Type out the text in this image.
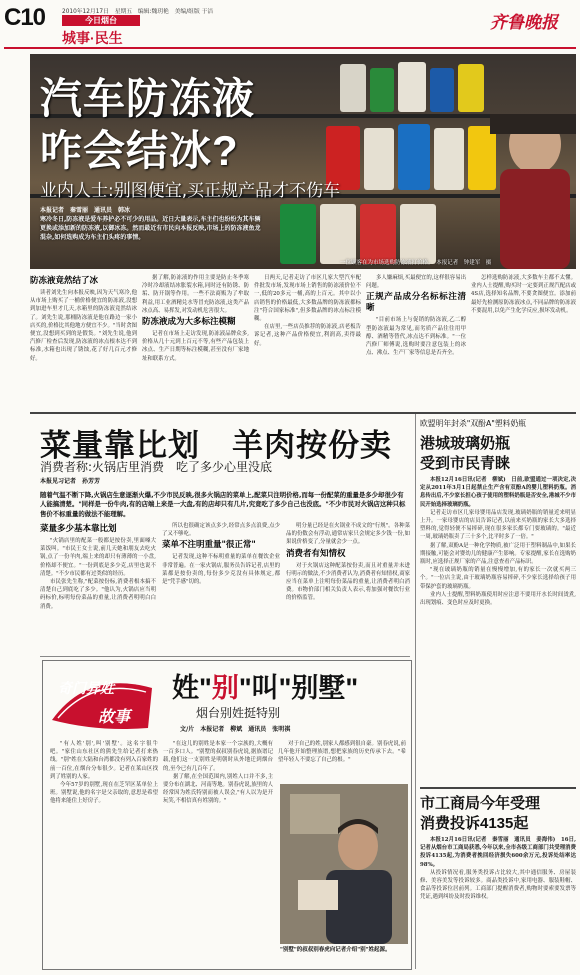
C10	2010年12月17日　星期五　编辑:魏玥艳　美编/组版 于洁
今日烟台
城事·民生
齐鲁晚报
汽车防冻液
咋会结冰?
业内人士:别图便宜,买正规产品才不伤车
本报记者　秦雪丽　通讯员　韩冰
寒冷冬日,防冻液是爱车养护必不可少的用品。近日大量表示,车主们也纷纷为其车辆更换或添加新的防冻液,以御冰冻。然而最近有市民向本报反映,市场上的防冻液鱼龙混杂,如何选购成为车主们头疼的事情。
一位顾客在为市场选购防冻液打价格。　本报记者　钟建军　摄
防冻液竟然结了冰

读者刘先生向本报反映,因为天气寒冷,他从市场上购买了一桶价格便宜的防冻液,没想到加进车里才几天,水箱里的防冻液竟然结冰了。刘先生说,那桶防冻液是他在路边一家小店买的,价格比其他地方便宜不少。"当时贪图便宜,没想到买到的是假货。"刘先生说,他到汽修厂检查后发现,防冻液的冰点根本达不到标准,水箱也出现了锈蚀,花了好几百元才修好。

据了解,防冻液的作用主要是防止冬季寒冷时冷却液结冰胀裂水箱,同时还有防锈、防垢、防开锅等作用。一些不法商贩为了牟取利益,用工业酒精兑水等冒充防冻液,这类产品冰点高、易挥发,对发动机危害很大。

防冻液成为大多标注模糊

记者在市场上走访发现,防冻液品牌众多,价格从几十元到上百元不等,有些产品包装上冰点、生产日期等标注模糊,甚至没有厂家地址和联系方式。

日两天,记者走访了市区几家大型汽车配件批发市场,发现市场上销售的防冻液价位不一,低的20多元一桶,高的上百元。其中以小店销售的价格最低,大多数品牌的防冻液都标注"符合国家标准",但多数品牌的冰点标注模糊。

在店里,一些店员推荐的防冻液,店老板告诉记者,这种产品价格便宜,利润高,卖得最好。

多人嫌麻烦,买最便宜的,这样很容易出问题。

正规产品成分名标标注清晰

"目前市场上与促销的防冻液,乙二醇型防冻液最为常见,而劣质产品往往用甲醇、酒精等替代,冰点达不到标准。"一位汽修厂师傅说,选购时要注意包装上的冰点、沸点、生产厂家等信息是否齐全。

怎样选购防冻液,大多数车主都不太懂。业内人士提醒,购买时一定要到正规汽配店或4S店,选择知名品牌,不要贪图便宜。添加前最好先检测原防冻液冰点,不同品牌的防冻液不要混用,以免产生化学反应,损坏发动机。

菜量靠比划　羊肉按份卖
消费者称:火锅店里消费　吃了多少心里没底
本报见习记者　孙芳芳
随着气温不断下降,火锅店生意逐渐火爆,不少市民反映,很多火锅店的菜单上,配菜只注明价格,而每一份配菜的重量是多少却很少有人能搞清楚。"同样是一份牛肉,有的店端上来是一大盘,有的店却只有几片,究竟吃了多少自己也没底。"不少市民对火锅店这种只标售价不标重量的做法不能理解。
菜量多少基本靠比划

"火锅店里的配菜一般都是按份卖,里面嗓大菜饭叫。"市民王女士说,前几天她和朋友去吃火锅,点了一份羊肉,端上来的却只有薄薄的一小盘,价格却不便宜。"一份到底是多少克,店里也说不清楚。"不少市民都有过类似的经历。

市民张先生称,"配菜按份标,消费者根本搞不清楚自己到底吃了多少。"他认为,火锅店应当明码标价,标明每份菜品的重量,让消费者明明白白消费。

所以也很确定该点多少,经常点多点浪费,点少了又不够吃。

菜单不注明重量"很正常"

记者发现,这种不标明重量的菜单在餐饮企业非常普遍。在一家火锅店,服务员告诉记者,店里的菜都是按份卖的,每份多少克没有具体规定,都是"凭手感"切的。

明分量已经是在火锅业不成文的"行规"。各种菜品的份数会有浮动,通常店家只会规定多少钱一份,如果说价格变了,分量就会少一点。

消费者有知情权

对于火锅店这种配菜按份卖,而且对重量并未进行明示的做法,不少消费者认为,消费者有知情权,商家应当在菜单上注明每份菜品的重量,让消费者明白消费。市物价部门相关负责人表示,将加强对餐饮行业的价格监管。

欧盟明年封杀"双酚A"塑料奶瓶
港城玻璃奶瓶
受到市民青睐

本报12月16日讯(记者　柳斌)　日前,欧盟通过一项决定,决定从2011年3月1日起禁止生产含有双酚A的婴儿塑料奶瓶。消息传出后,不少家长担心孩子使用的塑料奶瓶是否安全,港城不少市民开始选择玻璃奶瓶。

记者走访市区几家母婴用品店发现,玻璃奶瓶的销量近来明显上升。一家母婴店的店员告诉记者,以前来买奶瓶的家长大多选择塑料的,觉得轻便不易摔碎,现在很多家长都专门要玻璃的。"最近一周,玻璃奶瓶卖了三十多个,比平时多了一倍。"

据了解,双酚A是一种化学物质,被广泛用于塑料制品中,如果长期接触,可能会对婴幼儿的健康产生影响。专家提醒,家长在选购奶瓶时,应选择正规厂家的产品,注意查看产品标识。

"现在玻璃奶瓶的销量在慢慢增加,有的家长一次就买两三个。"一位店主说,由于玻璃奶瓶容易摔碎,不少家长选择给孩子用带保护套的玻璃奶瓶。

业内人士提醒,塑料奶瓶使用时应注意不要用开水长时间烫煮,出现划痕、变色时应及时更换。

市工商局今年受理
消费投诉4135起

本报12月16日讯(记者　秦雪丽　通讯员　姜海伟)　16日,记者从烟台市工商局获悉,今年以来,全市各级工商部门共受理消费投诉4135起,为消费者挽回经济损失600余万元,投诉处结率达98%。

从投诉情况看,服务类投诉占比较大,其中通信服务、房屋装修、美容美发等投诉较多。商品类投诉中,家用电器、服装鞋帽、食品等投诉位居前列。工商部门提醒消费者,购物时要索要发票等凭证,遇到纠纷及时投诉维权。

奇门异姓
故事
姓"别"叫"别墅"
烟台别姓挺特别
文/片　本报记者　柳斌　通讯员　张明祺

"有人姓'别',叫'别墅'。这名字很牛吧。"家住山东社区的熊先生给记者打来热线。"别"姓在大陆和台湾都没有列入百家姓的前一百位,在烟台分布很少。记者在莱山区找到了姓别的人家。

今年57岁的别墅,现在在芝罘区某单位上班。别墅说,他的名字是父亲取的,意思是希望他将来能住上好房子。

"在这儿的别姓是本家一个宗族的,大概有一百多口人。"别墅的叔叔别春虎说,据族谱记载,他们这一支别姓是明朝时从外地迁到烟台的,至今已有几百年了。

据了解,在全国范围内,别姓人口并不多,主要分布在湖北、河南等地。别春虎说,族里的人经常因为姓氏特别而被人误会,"有人以为是开玩笑,不相信真有姓别的。"

对于自己的姓,别家人都感到很自豪。别春虎说,前几年他开始整理族谱,想把家族的历史传承下去。"希望年轻人不要忘了自己的根。"

"别墅"的叔叔别春虎向记者介绍"别"姓起源。
